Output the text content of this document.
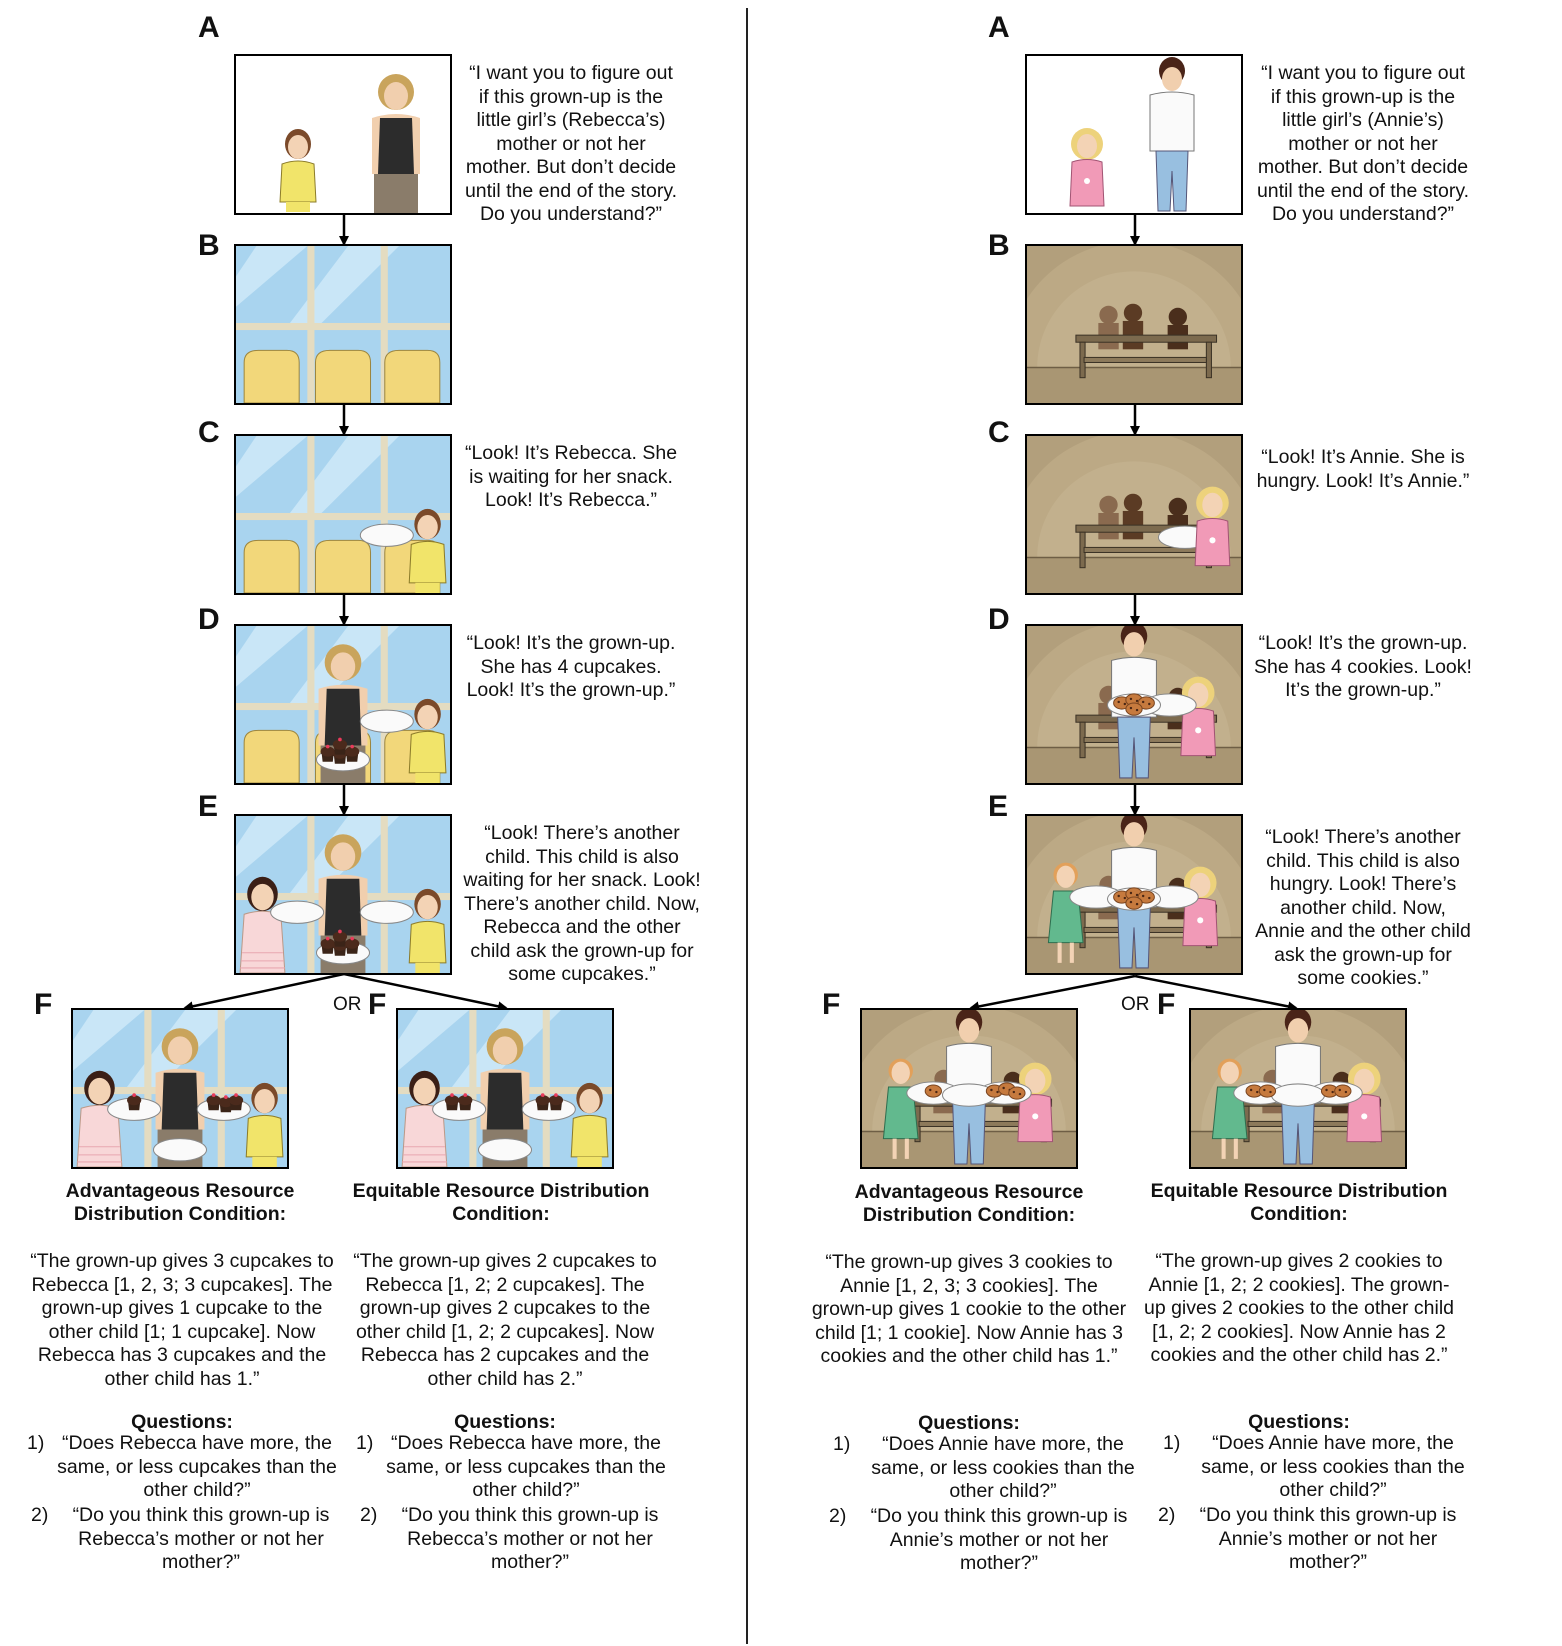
A
B
C
D
E
F	F
OR
“I want you to figure out if this grown-up is the little girl’s (Rebecca’s) mother or not her mother. But don’t decide until the end of the story. Do you understand?”
“Look! It’s Rebecca. She is waiting for her snack. Look! It’s Rebecca.”
“Look! It’s the grown-up. She has 4 cupcakes. Look! It’s the grown-up.”
“Look! There’s another child. This child is also waiting for her snack. Look! There’s another child. Now, Rebecca and the other child ask the grown-up for some cupcakes.”
Advantageous Resource Distribution Condition:
Equitable Resource Distribution Condition:
“The grown-up gives 3 cupcakes to Rebecca [1, 2, 3; 3 cupcakes]. The grown-up gives 1 cupcake to the other child [1; 1 cupcake]. Now Rebecca has 3 cupcakes and the other child has 1.”
“The grown-up gives 2 cupcakes to Rebecca [1, 2; 2 cupcakes]. The grown-up gives 2 cupcakes to the other child [1, 2; 2 cupcakes]. Now Rebecca has 2 cupcakes and the other child has 2.”
Questions:	Questions:
1) “Does Rebecca have more, the same, or less cupcakes than the other child?”
2)	“Do you think this grown-up is Rebecca’s mother or not her mother?”
1) “Does Rebecca have more, the same, or less cupcakes than the other child?”
2)	“Do you think this grown-up is Rebecca’s mother or not her mother?”
A
B
C
D
E
F	F
OR
“I want you to figure out if this grown-up is the little girl’s (Annie’s) mother or not her mother. But don’t decide until the end of the story. Do you understand?”
“Look! It’s Annie. She is hungry. Look! It’s Annie.”
“Look! It’s the grown-up. She has 4 cookies. Look! It’s the grown-up.”
“Look! There’s another child. This child is also hungry. Look! There’s another child. Now, Annie and the other child ask the grown-up for some cookies.”
Advantageous Resource Distribution Condition:
Equitable Resource Distribution Condition:
“The grown-up gives 3 cookies to Annie [1, 2, 3; 3 cookies]. The grown-up gives 1 cookie to the other child [1; 1 cookie]. Now Annie has 3 cookies and the other child has 1.”
“The grown-up gives 2 cookies to Annie [1, 2; 2 cookies]. The grown-up gives 2 cookies to the other child [1, 2; 2 cookies]. Now Annie has 2 cookies and the other child has 2.”
Questions:	Questions:
1)	“Does Annie have more, the same, or less cookies than the other child?”
2)	“Do you think this grown-up is Annie’s mother or not her mother?”
1)	“Does Annie have more, the same, or less cookies than the other child?”
2)	“Do you think this grown-up is Annie’s mother or not her mother?”
